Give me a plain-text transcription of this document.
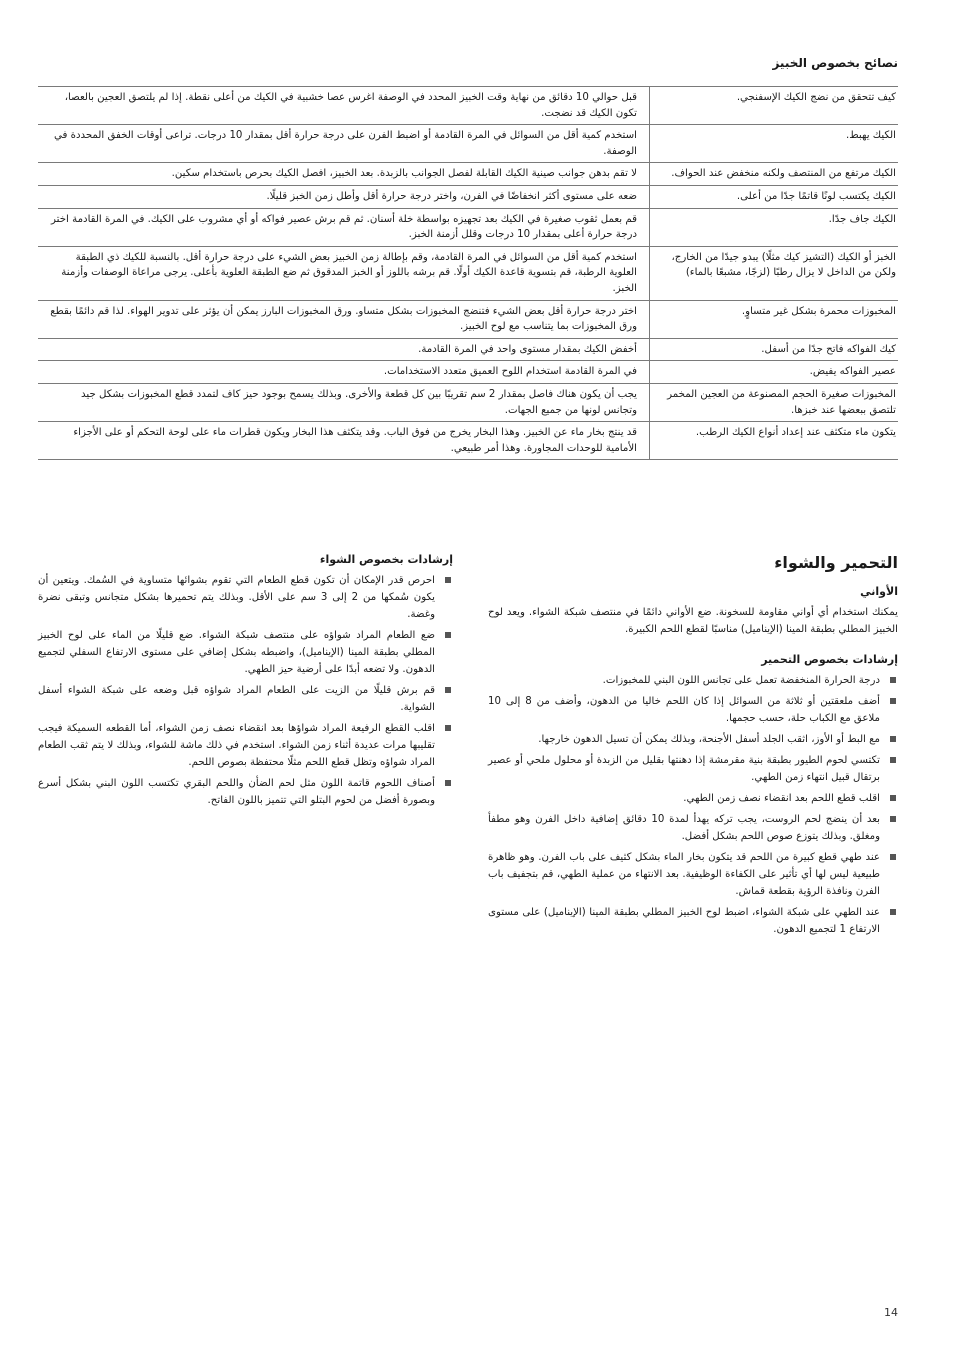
نصائح بخصوص الخبيز
كيف تتحقق من نضج الكيك الإسفنجي.	قبل حوالي 10 دقائق من نهاية وقت الخبيز المحدد في الوصفة اغرس عصا خشبية في الكيك من أعلى نقطة. إذا لم يلتصق العجين بالعصا، تكون الكيك قد نضجت.
الكيك يهبط.	استخدم كمية أقل من السوائل في المرة القادمة أو اضبط الفرن على درجة حرارة أقل بمقدار 10 درجات. تراعى أوقات الخفق المحددة في الوصفة.
الكيك مرتفع من المنتصف ولكنه منخفض عند الحواف.	لا تقم بدهن جوانب صينية الكيك القابلة لفصل الجوانب بالزبدة. بعد الخبيز، افصل الكيك بحرص باستخدام سكين.
الكيك يكتسب لونًا قاتمًا جدًا من أعلى.	ضعه على مستوى أكثر انخفاضًا في الفرن، واختر درجة حرارة أقل وأطل زمن الخبز قليلًا.
الكيك جاف جدًا.	قم بعمل ثقوب صغيرة في الكيك بعد تجهيزه بواسطة خلة أسنان. ثم قم برش عصير فواكه أو أي مشروب على الكيك. في المرة القادمة اختر درجة حرارة أعلى بمقدار 10 درجات وقلل أزمنة الخبز.
الخبز أو الكيك (التشيز كيك مثلًا) يبدو جيدًا من الخارج، ولكن من الداخل لا يزال رطبًا (لزجًا، مشبعًا بالماء)	استخدم كمية أقل من السوائل في المرة القادمة، وقم بإطالة زمن الخبيز بعض الشيء على درجة حرارة أقل. بالنسبة للكيك ذي الطبقة العلوية الرطبة، قم بتسوية قاعدة الكيك أولًا. قم برشه باللوز أو الخبز المدقوق ثم ضع الطبقة العلوية بأعلى. يرجى مراعاة الوصفات وأزمنة الخبز.
المخبوزات محمرة بشكل غير متساوٍ.	اختر درجة حرارة أقل بعض الشيء فتنضج المخبوزات بشكل متساو. ورق المخبوزات البارز يمكن أن يؤثر على تدوير الهواء. لذا قم دائمًا بقطع ورق المخبوزات بما يتناسب مع لوح الخبيز.
كيك الفواكه فاتح جدًا من أسفل.	أخفض الكيك بمقدار مستوى واحد في المرة القادمة.
عصير الفواكه يفيض.	في المرة القادمة استخدام اللوح العميق متعدد الاستخدامات.
المخبوزات صغيرة الحجم المصنوعة من العجين المخمر تلتصق ببعضها عند خبزها.	يجب أن يكون هناك فاصل بمقدار 2 سم تقريبًا بين كل قطعة والأخرى. وبذلك يسمح بوجود حيز كاف لتمدد قطع المخبوزات بشكل جيد وتجانس لونها من جميع الجهات.
يتكون ماء متكثف عند إعداد أنواع الكيك الرطب.	قد ينتج بخار ماء عن الخبيز. وهذا البخار يخرج من فوق الباب. وقد يتكثف هذا البخار ويكون قطرات ماء على لوحة التحكم أو على الأجزاء الأمامية للوحدات المجاورة. وهذا أمر طبيعي.
التحمير والشواء
الأواني

يمكنك استخدام أي أواني مقاومة للسخونة. ضع الأواني دائمًا في منتصف شبكة الشواء. ويعد لوح الخبيز المطلي بطبقة المينا (الإيناميل) مناسبًا لقطع اللحم الكبيرة.

إرشادات بخصوص التحمير
درجة الحرارة المنخفضة تعمل على تجانس اللون البني للمخبوزات.
أضف ملعقتين أو ثلاثة من السوائل إذا كان اللحم خاليا من الدهون، وأضف من 8 إلى 10 ملاعق مع الكباب حلة، حسب حجمها.
مع البط أو الأوز، اثقب الجلد أسفل الأجنحة، وبذلك يمكن أن تسيل الدهون خارجها.
تكتسي لحوم الطيور بطبقة بنية مقرمشة إذا دهنتها بقليل من الزبدة أو محلول ملحي أو عصير برتقال قبيل انتهاء زمن الطهي.
اقلب قطع اللحم بعد انقضاء نصف زمن الطهي.
بعد أن ينضج لحم الروست، يجب تركه يهدأ لمدة 10 دقائق إضافية داخل الفرن وهو مطفأ ومغلق. وبذلك يتوزع صوص اللحم بشكل أفضل.
عند طهي قطع كبيرة من اللحم قد يتكون بخار الماء بشكل كثيف على باب الفرن. وهو ظاهرة طبيعية ليس لها أي تأثير على الكفاءة الوظيفية. بعد الانتهاء من عملية الطهي، قم بتجفيف باب الفرن ونافذة الرؤية بقطعة قماش.
عند الطهي على شبكة الشواء، اضبط لوح الخبيز المطلي بطبقة المينا (الإيناميل) على مستوى الارتفاع 1 لتجميع الدهون.
إرشادات بخصوص الشواء
احرص قدر الإمكان أن تكون قطع الطعام التي تقوم بشوائها متساوية في السُمك. ويتعين أن يكون سُمكها من 2 إلى 3 سم على الأقل. وبذلك يتم تحميرها بشكل متجانس وتبقى نضرة وغضة.
ضع الطعام المراد شواؤه على منتصف شبكة الشواء. ضع قليلًا من الماء على لوح الخبيز المطلي بطبقة المينا (الإيناميل)، واضبطه بشكل إضافي على مستوى الارتفاع السفلي لتجميع الدهون. ولا تضعه أبدًا على أرضية حيز الطهي.
قم برش قليلًا من الزيت على الطعام المراد شواؤه قبل وضعه على شبكة الشواء أسفل الشواية.
اقلب القطع الرفيعة المراد شواؤها بعد انقضاء نصف زمن الشواء، أما القطعه السميكة فيجب تقليبها مرات عديدة أثناء زمن الشواء. استخدم في ذلك ماشة للشواء، وبذلك لا يتم ثقب الطعام المراد شواؤه وتظل قطع اللحم مثلًا محتفظة بصوص اللحم.
أصناف اللحوم قاتمة اللون مثل لحم الضأن واللحم البقري تكتسب اللون البني بشكل أسرع وبصورة أفضل من لحوم البتلو التي تتميز باللون الفاتح.
14
